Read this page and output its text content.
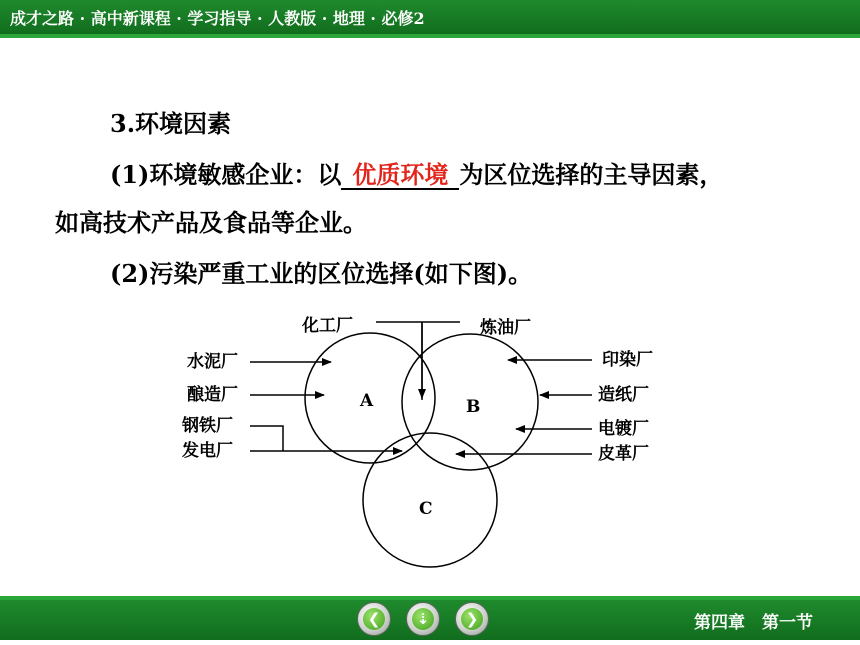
成才之路 · 高中新课程 · 学习指导 · 人教版 · 地理 · 必修2
3.环境因素
(1)环境敏感企业：以 优质环境 为区位选择的主导因素，
如高技术产品及食品等企业。
(2)污染严重工业的区位选择(如下图)。
A	B
C
化工厂	炼油厂
水泥厂
酿造厂
钢铁厂
发电厂
印染厂
造纸厂
电镀厂
皮革厂
❮	⇣	❯	第四章　第一节
